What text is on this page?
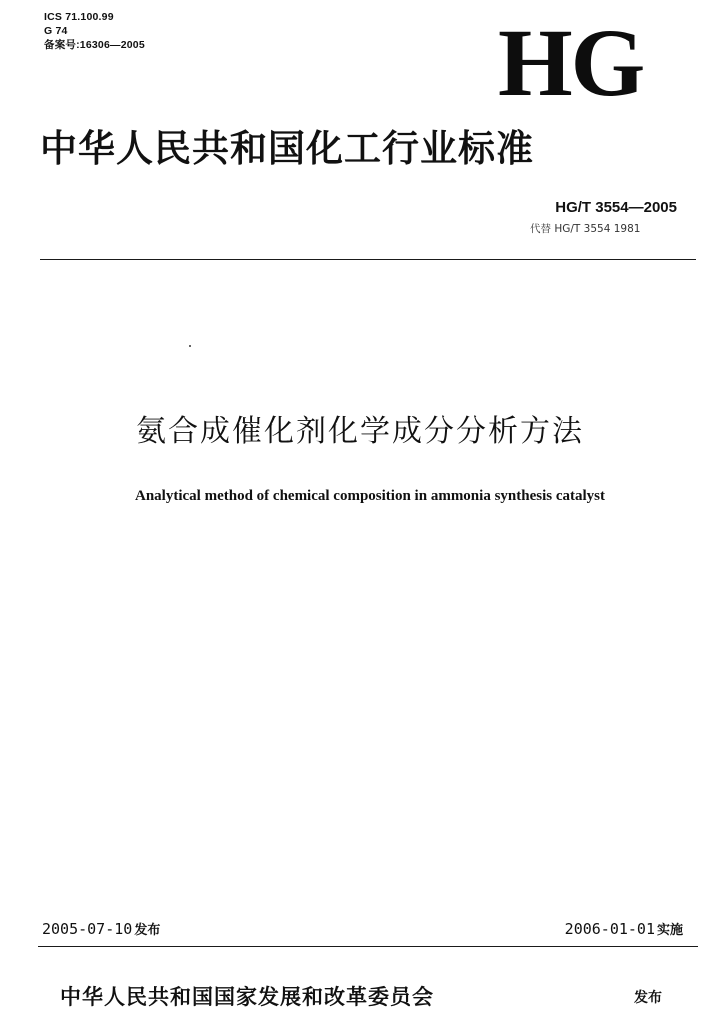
ICS 71.100.99
G 74
备案号:16306—2005	HG
中华人民共和国化工行业标准
HG/T 3554—2005
代替 HG/T 3554 1981
氨合成催化剂化学成分分析方法
Analytical method of chemical composition in ammonia synthesis catalyst
2005-07-10 发布	2006-01-01 实施
中华人民共和国国家发展和改革委员会	发布
